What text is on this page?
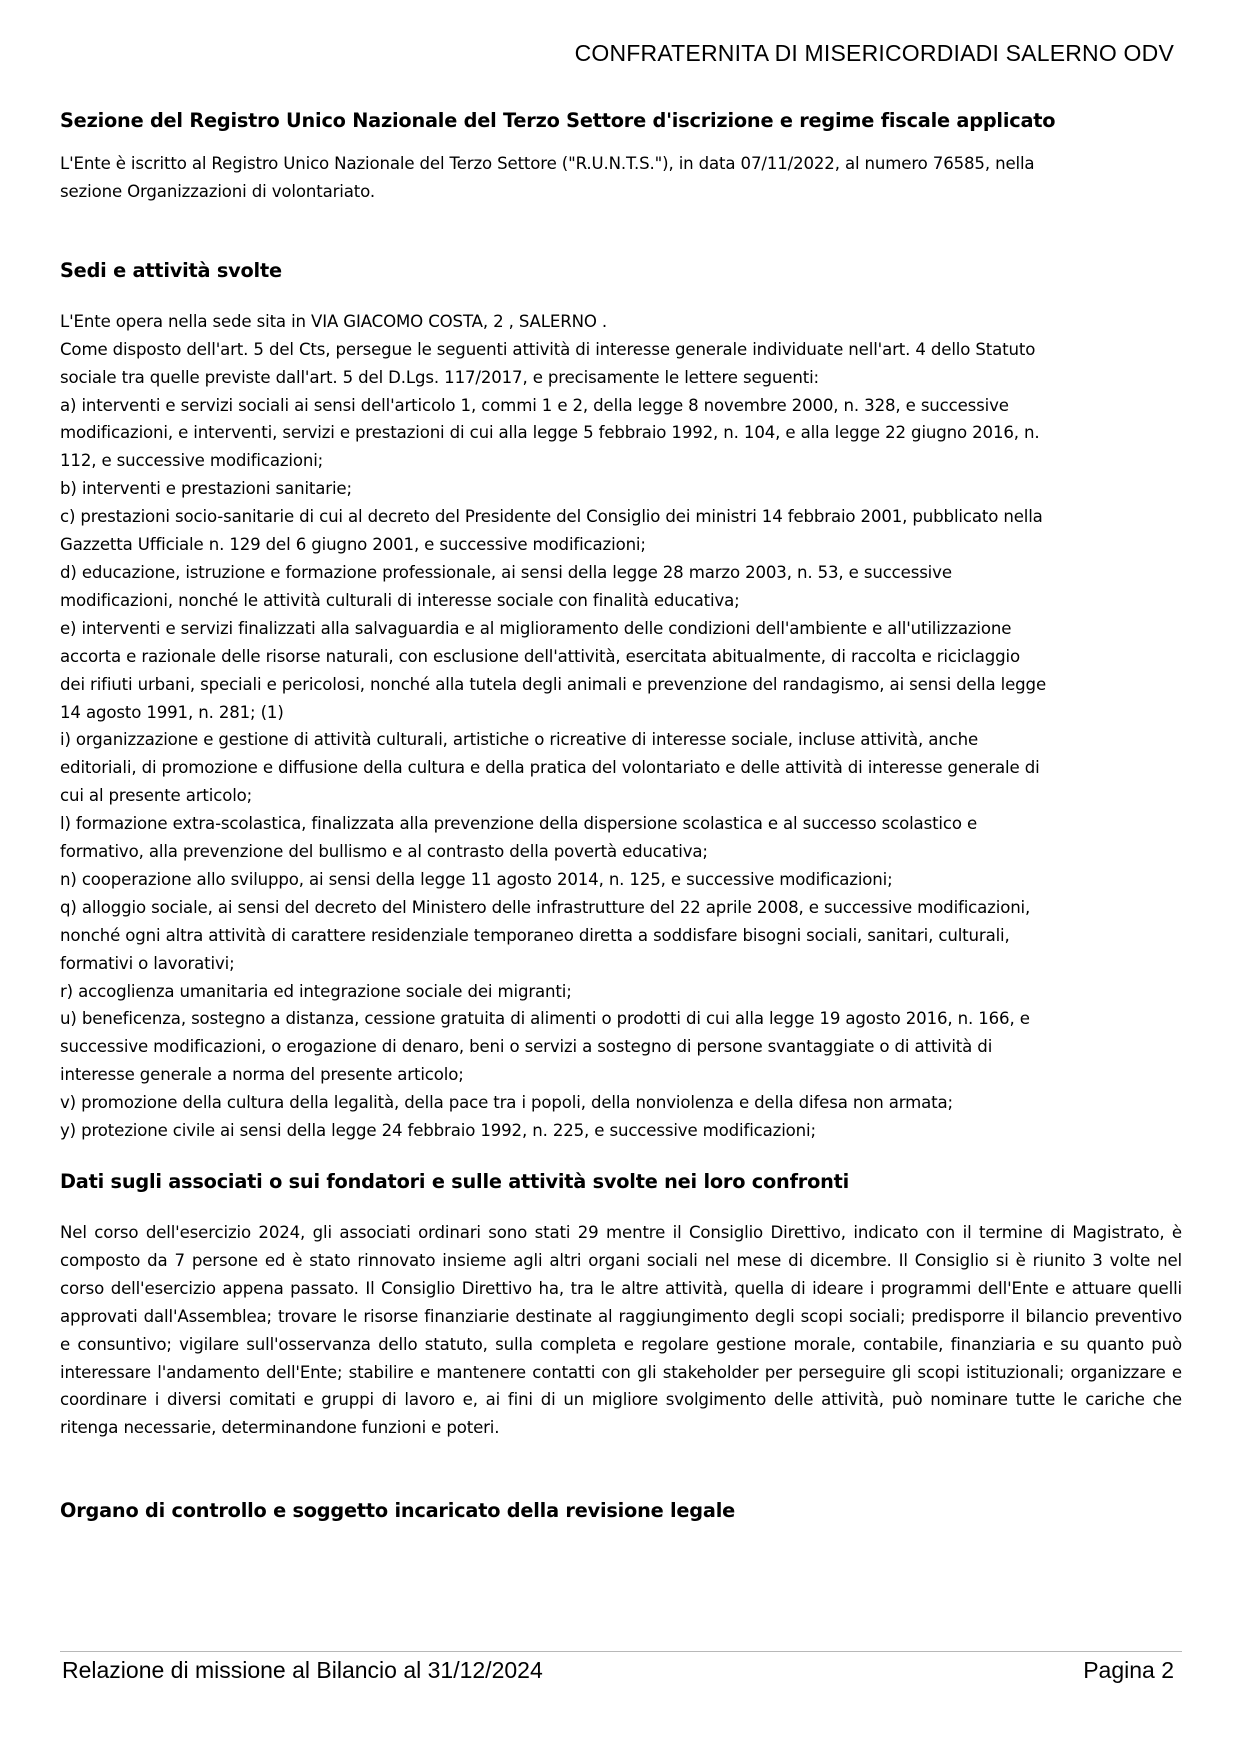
CONFRATERNITA DI MISERICORDIADI SALERNO ODV
Sezione del Registro Unico Nazionale del Terzo Settore d'iscrizione e regime fiscale applicato
L'Ente è iscritto al Registro Unico Nazionale del Terzo Settore ("R.U.N.T.S."), in data 07/11/2022, al numero 76585, nella
sezione Organizzazioni di volontariato.
Sedi e attività svolte
L'Ente opera nella sede sita in VIA GIACOMO COSTA, 2 , SALERNO .
Come disposto dell'art. 5 del Cts, persegue le seguenti attività di interesse generale individuate nell'art. 4 dello Statuto
sociale tra quelle previste dall'art. 5 del D.Lgs. 117/2017, e precisamente le lettere seguenti:
a) interventi e servizi sociali ai sensi dell'articolo 1, commi 1 e 2, della legge 8 novembre 2000, n. 328, e successive
modificazioni, e interventi, servizi e prestazioni di cui alla legge 5 febbraio 1992, n. 104, e alla legge 22 giugno 2016, n.
112, e successive modificazioni;
b) interventi e prestazioni sanitarie;
c) prestazioni socio-sanitarie di cui al decreto del Presidente del Consiglio dei ministri 14 febbraio 2001, pubblicato nella
Gazzetta Ufficiale n. 129 del 6 giugno 2001, e successive modificazioni;
d) educazione, istruzione e formazione professionale, ai sensi della legge 28 marzo 2003, n. 53, e successive
modificazioni, nonché le attività culturali di interesse sociale con finalità educativa;
e) interventi e servizi finalizzati alla salvaguardia e al miglioramento delle condizioni dell'ambiente e all'utilizzazione
accorta e razionale delle risorse naturali, con esclusione dell'attività, esercitata abitualmente, di raccolta e riciclaggio
dei rifiuti urbani, speciali e pericolosi, nonché alla tutela degli animali e prevenzione del randagismo, ai sensi della legge
14 agosto 1991, n. 281; (1)
i) organizzazione e gestione di attività culturali, artistiche o ricreative di interesse sociale, incluse attività, anche
editoriali, di promozione e diffusione della cultura e della pratica del volontariato e delle attività di interesse generale di
cui al presente articolo;
l) formazione extra-scolastica, finalizzata alla prevenzione della dispersione scolastica e al successo scolastico e
formativo, alla prevenzione del bullismo e al contrasto della povertà educativa;
n) cooperazione allo sviluppo, ai sensi della legge 11 agosto 2014, n. 125, e successive modificazioni;
q) alloggio sociale, ai sensi del decreto del Ministero delle infrastrutture del 22 aprile 2008, e successive modificazioni,
nonché ogni altra attività di carattere residenziale temporaneo diretta a soddisfare bisogni sociali, sanitari, culturali,
formativi o lavorativi;
r) accoglienza umanitaria ed integrazione sociale dei migranti;
u) beneficenza, sostegno a distanza, cessione gratuita di alimenti o prodotti di cui alla legge 19 agosto 2016, n. 166, e
successive modificazioni, o erogazione di denaro, beni o servizi a sostegno di persone svantaggiate o di attività di
interesse generale a norma del presente articolo;
v) promozione della cultura della legalità, della pace tra i popoli, della nonviolenza e della difesa non armata;
y) protezione civile ai sensi della legge 24 febbraio 1992, n. 225, e successive modificazioni;
Dati sugli associati o sui fondatori e sulle attività svolte nei loro confronti

Nel corso dell'esercizio 2024, gli associati ordinari sono stati 29 mentre il Consiglio Direttivo, indicato con il termine di Magistrato, è composto da 7 persone ed è stato rinnovato insieme agli altri organi sociali nel mese di dicembre. Il Consiglio si è riunito 3 volte nel corso dell'esercizio appena passato. Il Consiglio Direttivo ha, tra le altre attività, quella di ideare i programmi dell'Ente e attuare quelli approvati dall'Assemblea; trovare le risorse finanziarie destinate al raggiungimento degli scopi sociali; predisporre il bilancio preventivo e consuntivo; vigilare sull'osservanza dello statuto, sulla completa e regolare gestione morale, contabile, finanziaria e su quanto può interessare l'andamento dell'Ente; stabilire e mantenere contatti con gli stakeholder per perseguire gli scopi istituzionali; organizzare e coordinare i diversi comitati e gruppi di lavoro e, ai fini di un migliore svolgimento delle attività, può nominare tutte le cariche che ritenga necessarie, determinandone funzioni e poteri.

Organo di controllo e soggetto incaricato della revisione legale
Relazione di missione al Bilancio al 31/12/2024	Pagina 2
